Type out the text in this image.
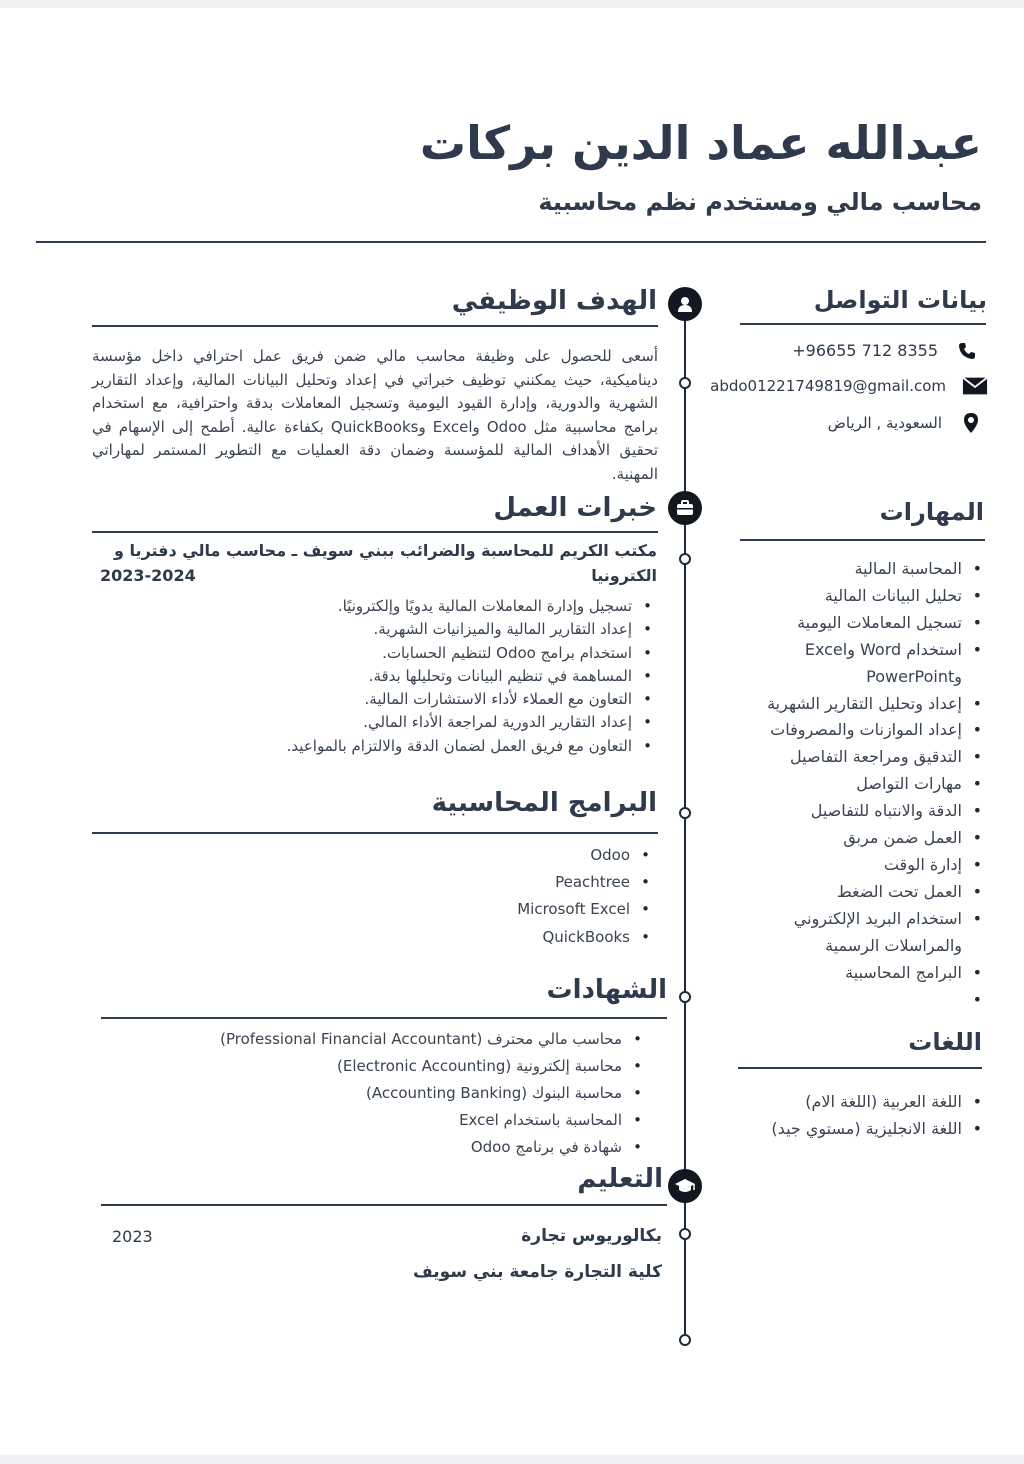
عبدالله عماد الدين بركات
محاسب مالي ومستخدم نظم محاسبية
بيانات التواصل
+96655 712 8355
abdo01221749819@gmail.com
السعودية , الرياض
المهارات
• المحاسبة المالية
• تحليل البيانات المالية
• تسجيل المعاملات اليومية
• استخدام Word وExcel وPowerPoint
• إعداد وتحليل التقارير الشهرية
• إعداد الموازنات والمصروفات
• التدقيق ومراجعة التفاصيل
• مهارات التواصل
• الدقة والانتباه للتفاصيل
• العمل ضمن مربق
• إدارة الوقت
• العمل تحت الضغط
• استخدام البريد الإلكتروني والمراسلات الرسمية
• البرامج المحاسبية
اللغات
• اللغة العربية (اللغة الام)
• اللغة الانجليزية (مستوي جيد)
الهدف الوظيفي
أسعى للحصول على وظيفة محاسب مالي ضمن فريق عمل احترافي داخل مؤسسة ديناميكية، حيث يمكنني توظيف خبراتي في إعداد وتحليل البيانات المالية، وإعداد التقارير الشهرية والدورية، وإدارة القيود اليومية وتسجيل المعاملات بدقة واحترافية، مع استخدام برامج محاسبية مثل Odoo وExcel وQuickBooks بكفاءة عالية. أطمح إلى الإسهام في تحقيق الأهداف المالية للمؤسسة وضمان دقة العمليات مع التطوير المستمر لمهاراتي المهنية.
خبرات العمل
مكتب الكريم للمحاسبة والضرائب ببني سويف ـ محاسب مالي دفتريا و الكترونيا
2023-2024
• تسجيل وإدارة المعاملات المالية يدويًا وإلكترونيًا.
• إعداد التقارير المالية والميزانيات الشهرية.
• استخدام برامج Odoo لتنظيم الحسابات.
• المساهمة في تنظيم البيانات وتحليلها بدقة.
• التعاون مع العملاء لأداء الاستشارات المالية.
• إعداد التقارير الدورية لمراجعة الأداء المالي.
• التعاون مع فريق العمل لضمان الدقة والالتزام بالمواعيد.
البرامج المحاسبية
• Odoo
• Peachtree
• Microsoft Excel
• QuickBooks
الشهادات
• محاسب مالي محترف (Professional Financial Accountant)
• محاسبة إلكترونية (Electronic Accounting)
• محاسبة البنوك (Accounting Banking)
• المحاسبة باستخدام Excel
• شهادة في برنامج Odoo
التعليم
بكالوريوس تجارة
2023
كلية التجارة جامعة بني سويف
